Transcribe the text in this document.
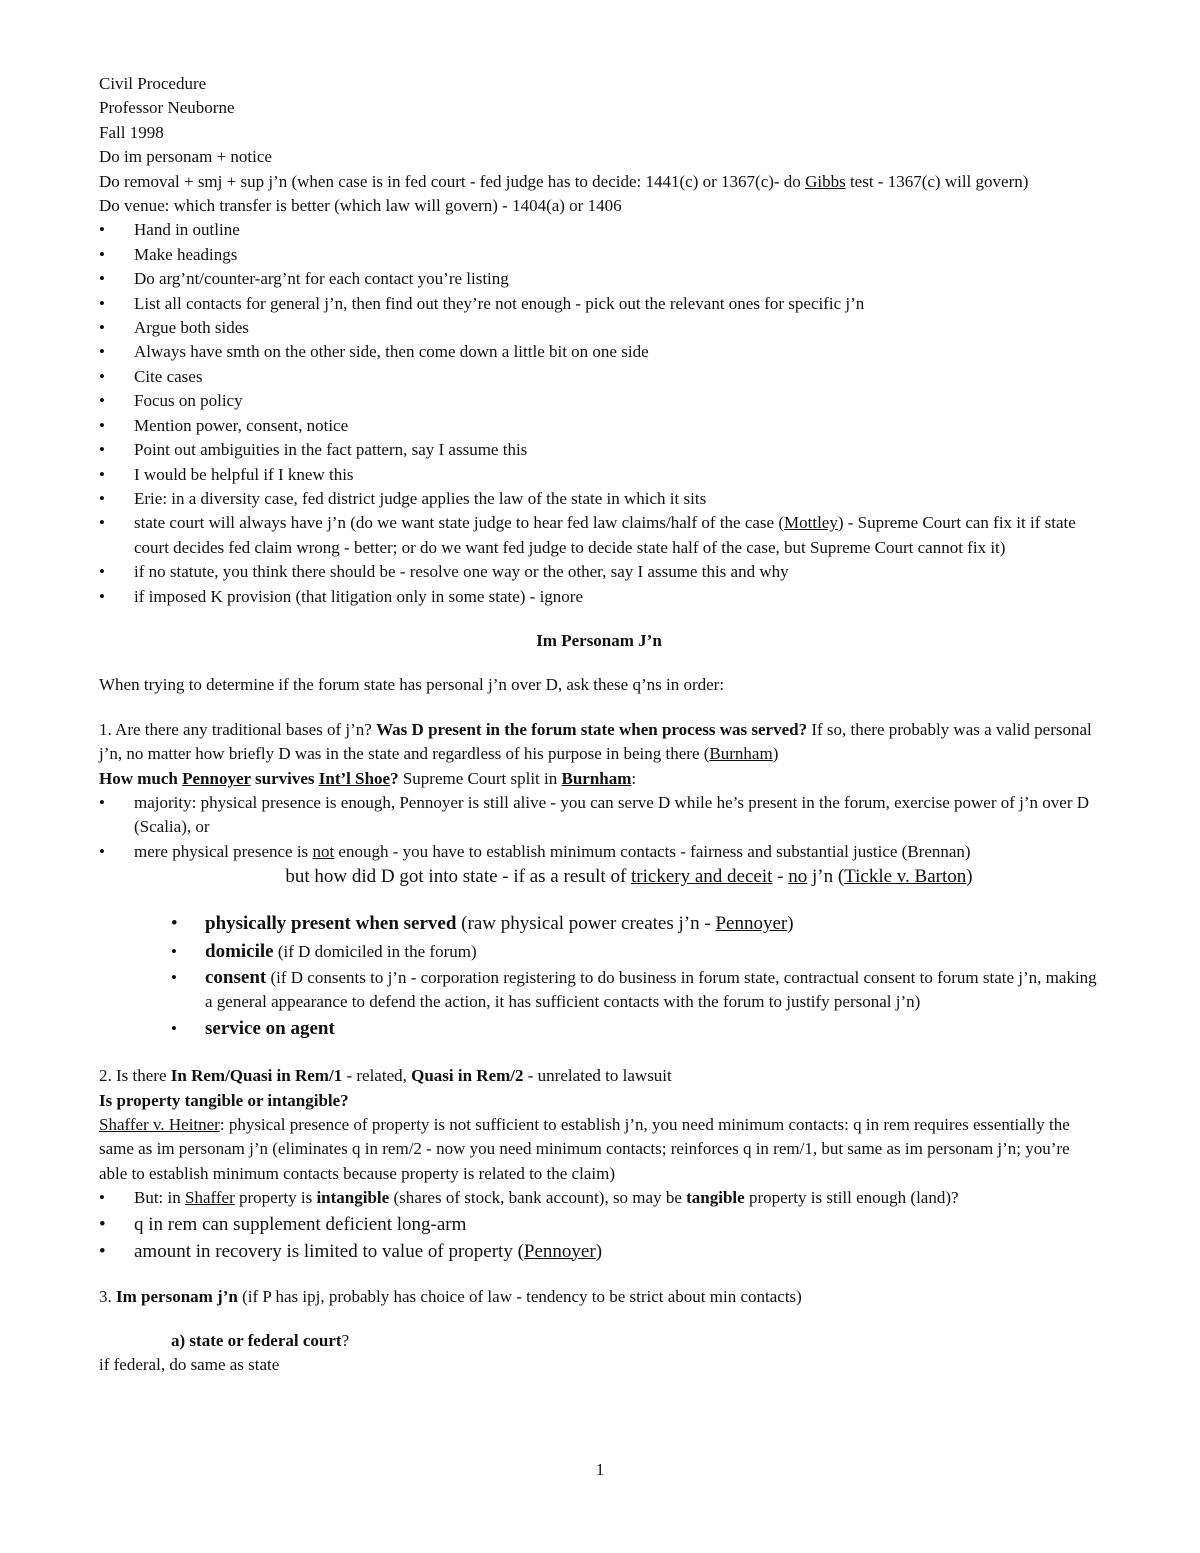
Civil Procedure

Professor Neuborne

Fall 1998

Do im personam + notice

Do removal + smj + sup j’n (when case is in fed court - fed judge has to decide: 1441(c) or 1367(c)- do Gibbs test - 1367(c) will govern)

Do venue: which transfer is better (which law will govern) - 1404(a) or 1406

• Hand in outline
• Make headings
• Do arg’nt/counter-arg’nt for each contact you’re listing
• List all contacts for general j’n, then find out they’re not enough - pick out the relevant ones for specific j’n
• Argue both sides
• Always have smth on the other side, then come down a little bit on one side
• Cite cases
• Focus on policy
• Mention power, consent, notice
• Point out ambiguities in the fact pattern, say I assume this
• I would be helpful if I knew this
• Erie: in a diversity case, fed district judge applies the law of the state in which it sits
• state court will always have j’n (do we want state judge to hear fed law claims/half of the case (Mottley) - Supreme Court can fix it if state court decides fed claim wrong - better; or do we want fed judge to decide state half of the case, but Supreme Court cannot fix it)
• if no statute, you think there should be - resolve one way or the other, say I assume this and why
• if imposed K provision (that litigation only in some state) - ignore

Im Personam J’n

When trying to determine if the forum state has personal j’n over D, ask these q’ns in order:

1. Are there any traditional bases of j’n? Was D present in the forum state when process was served? If so, there probably was a valid personal j’n, no matter how briefly D was in the state and regardless of his purpose in being there (Burnham)

How much Pennoyer survives Int’l Shoe? Supreme Court split in Burnham:

• majority: physical presence is enough, Pennoyer is still alive - you can serve D while he’s present in the forum, exercise power of j’n over D (Scalia), or
• mere physical presence is not enough - you have to establish minimum contacts - fairness and substantial justice (Brennan)

but how did D got into state - if as a result of trickery and deceit - no j’n (Tickle v. Barton)

• physically present when served (raw physical power creates j’n - Pennoyer)
• domicile (if D domiciled in the forum)
• consent (if D consents to j’n - corporation registering to do business in forum state, contractual consent to forum state j’n, making a general appearance to defend the action, it has sufficient contacts with the forum to justify personal j’n)
• service on agent

2. Is there In Rem/Quasi in Rem/1 - related, Quasi in Rem/2 - unrelated to lawsuit

Is property tangible or intangible?

Shaffer v. Heitner: physical presence of property is not sufficient to establish j’n, you need minimum contacts: q in rem requires essentially the same as im personam j’n (eliminates q in rem/2 - now you need minimum contacts; reinforces q in rem/1, but same as im personam j’n; you’re able to establish minimum contacts because property is related to the claim)

• But: in Shaffer property is intangible (shares of stock, bank account), so may be tangible property is still enough (land)?
• q in rem can supplement deficient long-arm
• amount in recovery is limited to value of property (Pennoyer)

3. Im personam j’n (if P has ipj, probably has choice of law - tendency to be strict about min contacts)

a) state or federal court?

if federal, do same as state

1
